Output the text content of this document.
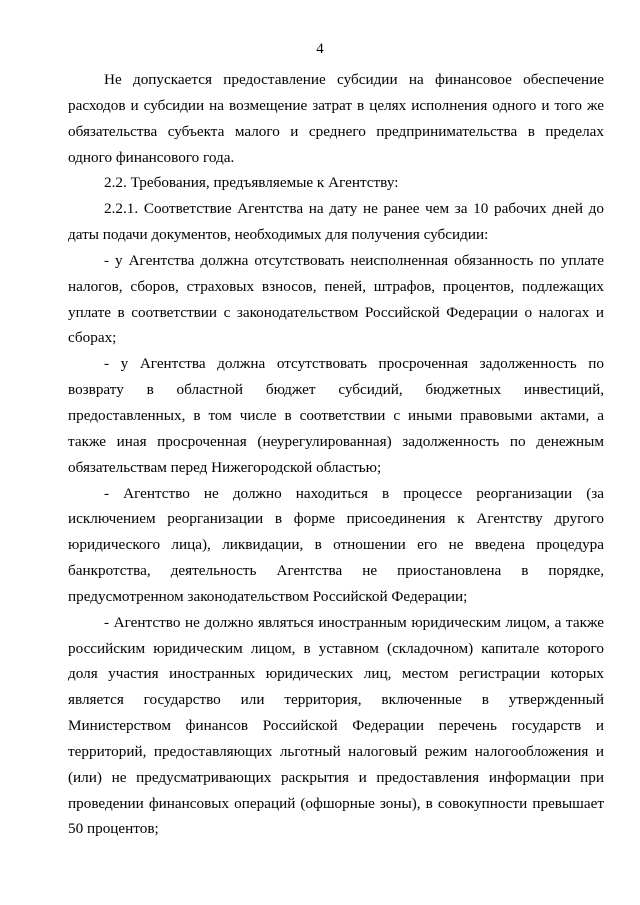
4

Не допускается предоставление субсидии на финансовое обеспечение расходов и субсидии на возмещение затрат в целях исполнения одного и того же обязательства субъекта малого и среднего предпринимательства в пределах одного финансового года.

2.2. Требования, предъявляемые к Агентству:

2.2.1. Соответствие Агентства на дату не ранее чем за 10 рабочих дней до даты подачи документов, необходимых для получения субсидии:

- у Агентства должна отсутствовать неисполненная обязанность по уплате налогов, сборов, страховых взносов, пеней, штрафов, процентов, подлежащих уплате в соответствии с законодательством Российской Федерации о налогах и сборах;

- у Агентства должна отсутствовать просроченная задолженность по возврату в областной бюджет субсидий, бюджетных инвестиций, предоставленных, в том числе в соответствии с иными правовыми актами, а также иная просроченная (неурегулированная) задолженность по денежным обязательствам перед Нижегородской областью;

- Агентство не должно находиться в процессе реорганизации (за исключением реорганизации в форме присоединения к Агентству другого юридического лица), ликвидации, в отношении его не введена процедура банкротства, деятельность Агентства не приостановлена в порядке, предусмотренном законодательством Российской Федерации;

- Агентство не должно являться иностранным юридическим лицом, а также российским юридическим лицом, в уставном (складочном) капитале которого доля участия иностранных юридических лиц, местом регистрации которых является государство или территория, включенные в утвержденный Министерством финансов Российской Федерации перечень государств и территорий, предоставляющих льготный налоговый режим налогообложения и (или) не предусматривающих раскрытия и предоставления информации при проведении финансовых операций (офшорные зоны), в совокупности превышает 50 процентов;
